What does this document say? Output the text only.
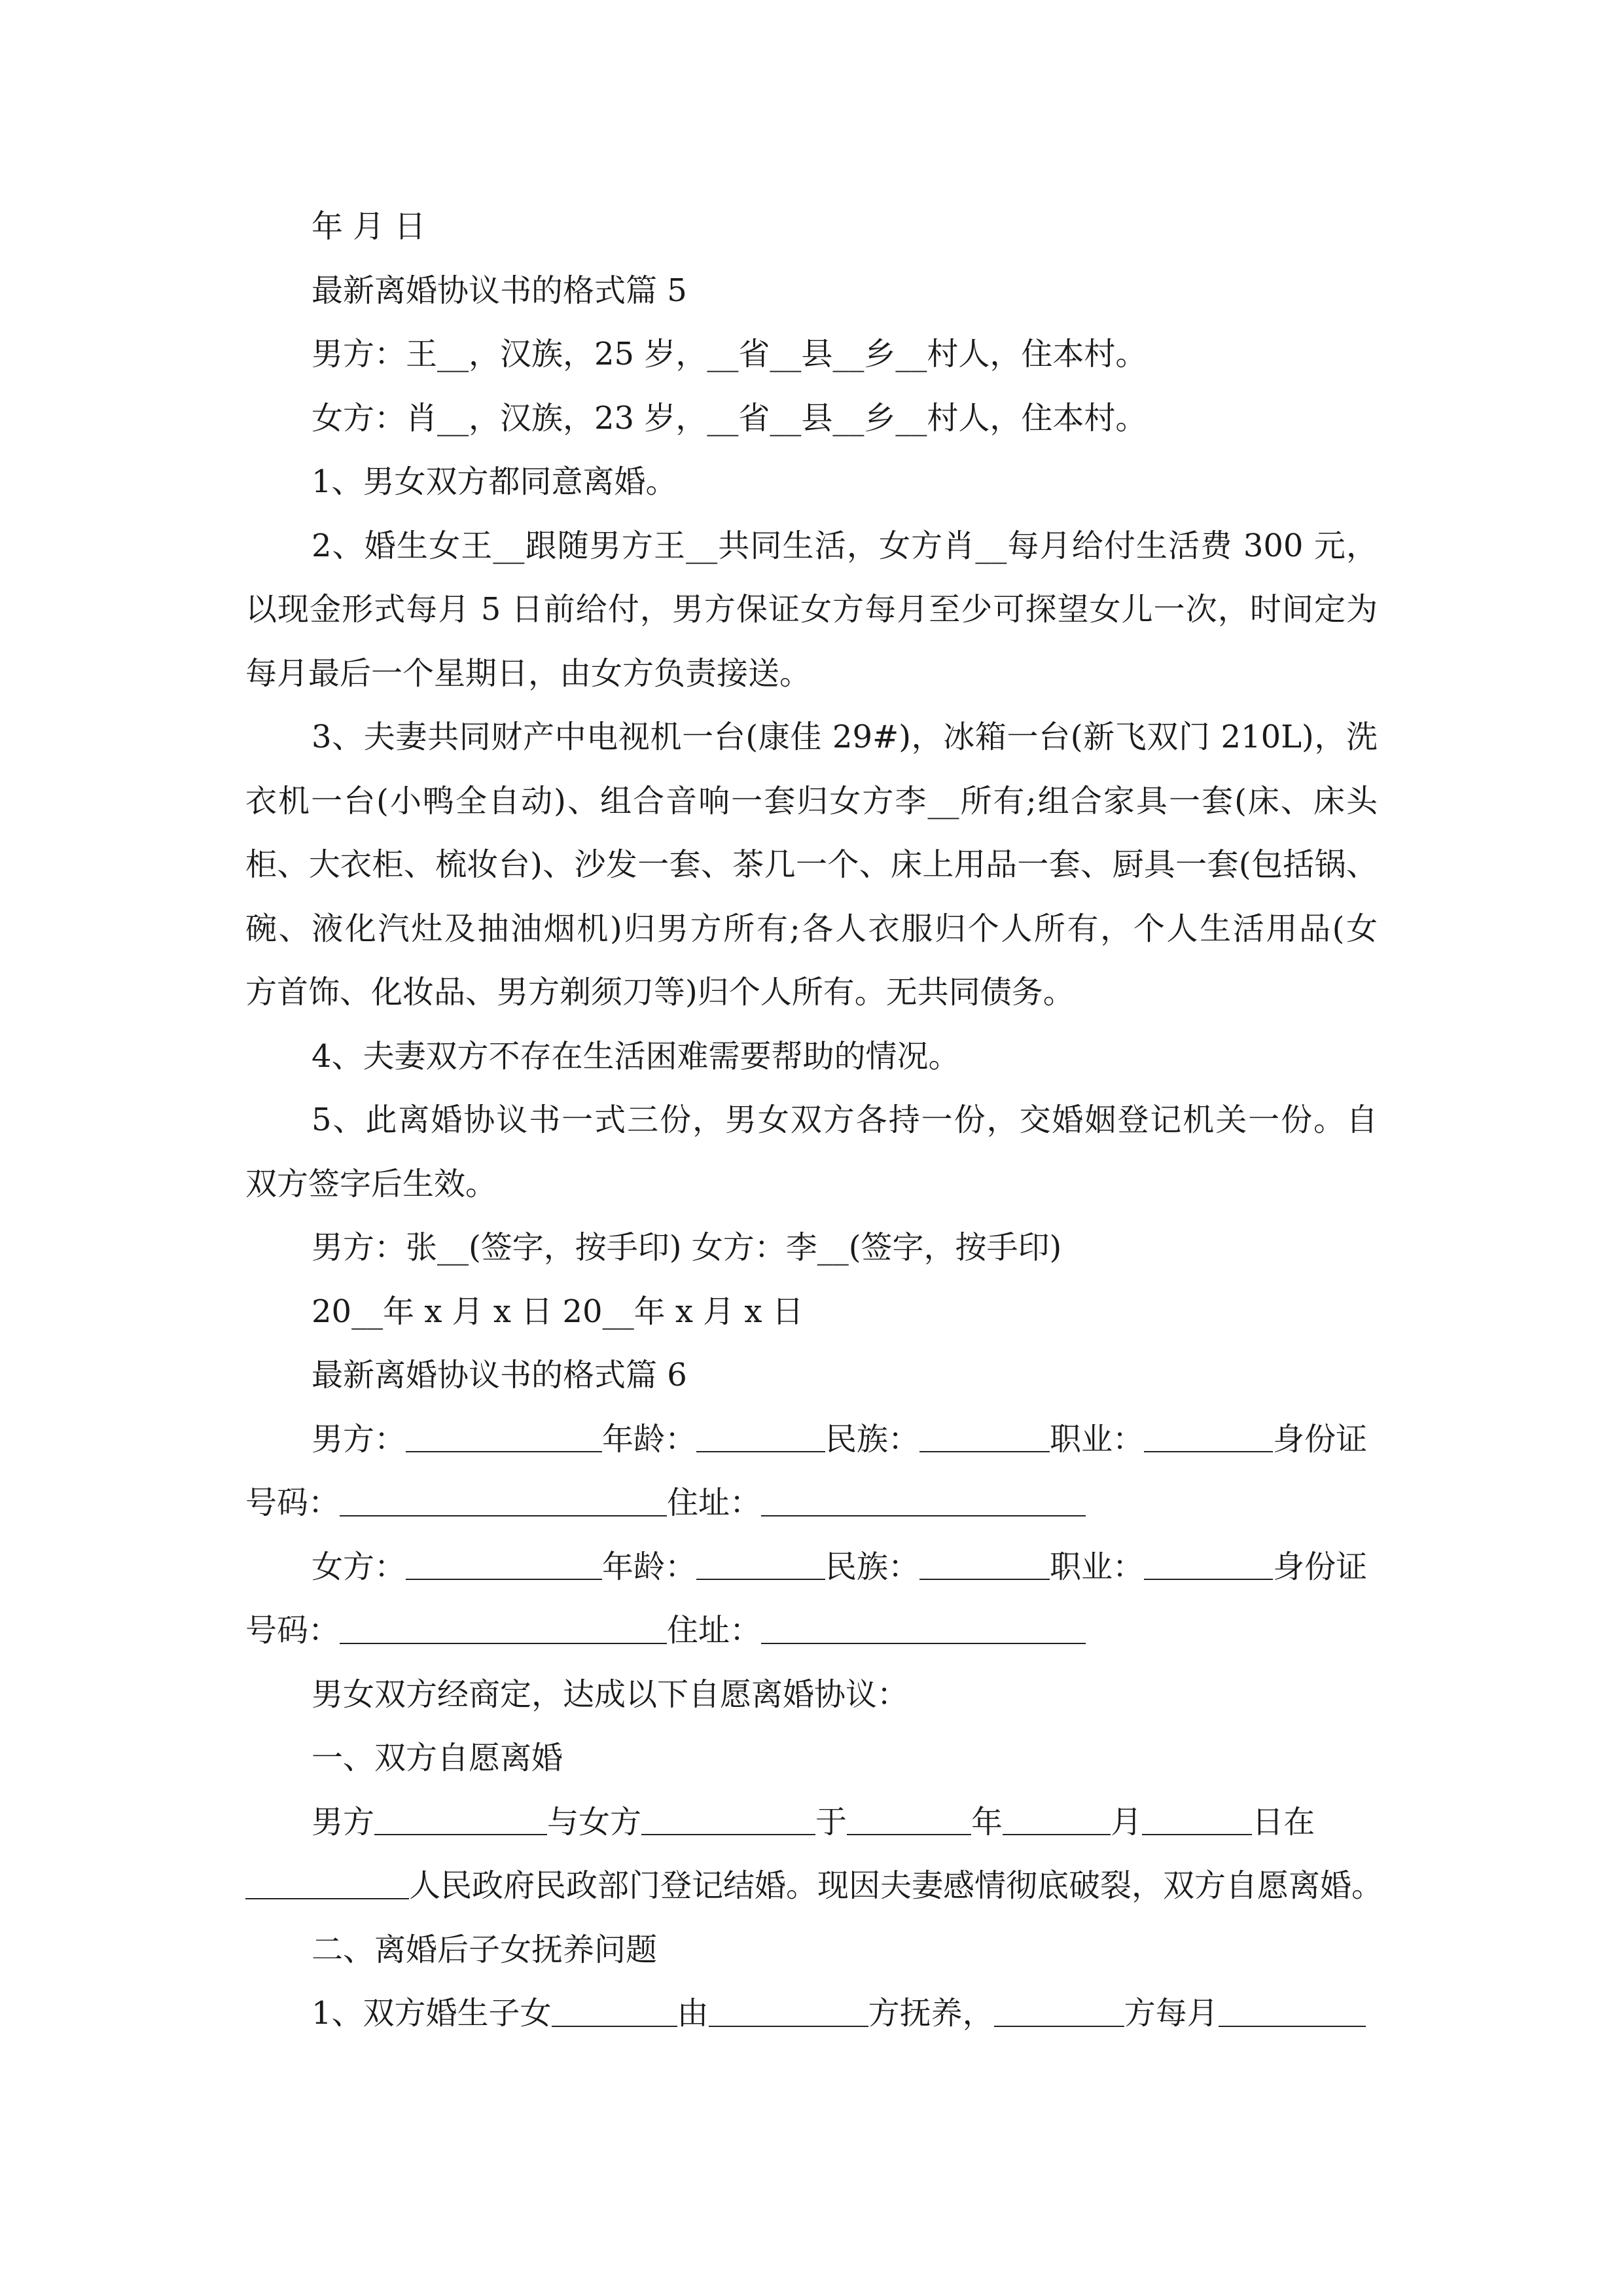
年 月 日
最新离婚协议书的格式篇 5
男方：王__，汉族，25 岁，__省__县__乡__村人，住本村。
女方：肖__，汉族，23 岁，__省__县__乡__村人，住本村。
1、男女双方都同意离婚。
2、婚生女王__跟随男方王__共同生活，女方肖__每月给付生活费 300 元，
以现金形式每月 5 日前给付，男方保证女方每月至少可探望女儿一次，时间定为
每月最后一个星期日，由女方负责接送。
3、夫妻共同财产中电视机一台(康佳 29#)，冰箱一台(新飞双门 210L)，洗
衣机一台(小鸭全自动)、组合音响一套归女方李__所有;组合家具一套(床、床头
柜、大衣柜、梳妆台)、沙发一套、茶几一个、床上用品一套、厨具一套(包括锅、
碗、液化汽灶及抽油烟机)归男方所有;各人衣服归个人所有，个人生活用品(女
方首饰、化妆品、男方剃须刀等)归个人所有。无共同债务。
4、夫妻双方不存在生活困难需要帮助的情况。
5、此离婚协议书一式三份，男女双方各持一份，交婚姻登记机关一份。自
双方签字后生效。
男方：张__(签字，按手印) 女方：李__(签字，按手印)
20__年 x 月 x 日 20__年 x 月 x 日
最新离婚协议书的格式篇 6
男方：	年龄：	民族：	职业：	身份证
号码：	住址：
女方：	年龄：	民族：	职业：	身份证
号码：	住址：
男女双方经商定，达成以下自愿离婚协议：
一、双方自愿离婚
男方	与女方	于	年	月	日在
人民政府民政部门登记结婚。现因夫妻感情彻底破裂，双方自愿离婚。
二、离婚后子女抚养问题
1、双方婚生子女	由	方抚养，	方每月
